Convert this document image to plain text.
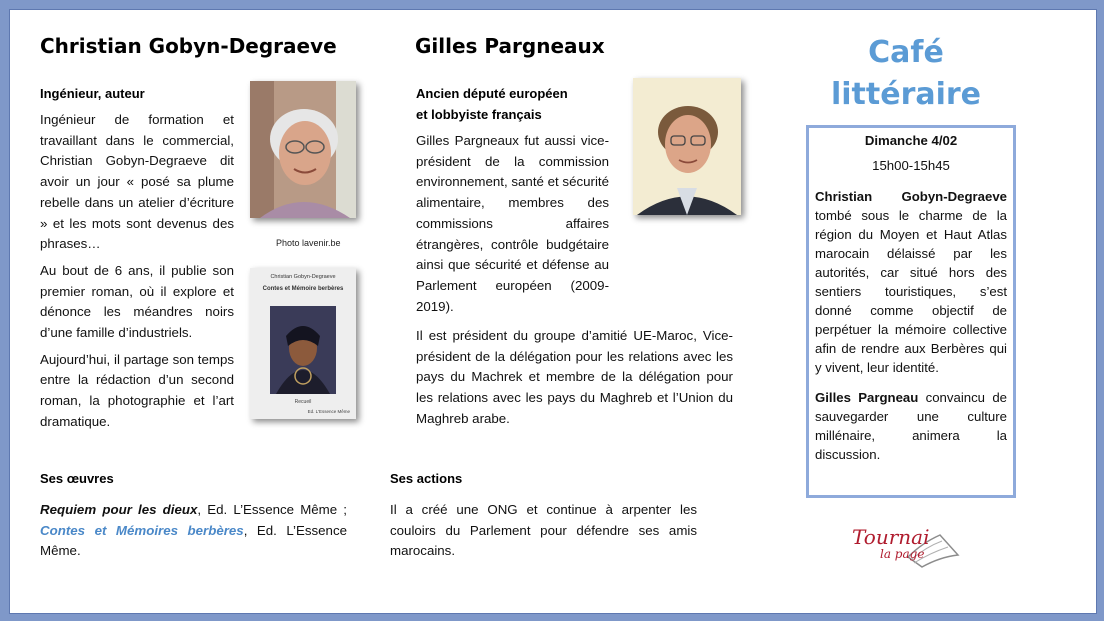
Christian Gobyn-Degraeve
Ingénieur, auteur

Ingénieur de formation et travaillant dans le commercial, Christian Gobyn-Degraeve dit avoir un jour « posé sa plume rebelle dans un atelier d’écriture » et les mots sont devenus des phrases…

Au bout de 6 ans, il publie son premier roman, où il explore et dénonce les méandres noirs d’une famille d’industriels.

Aujourd’hui, il partage son temps entre la rédaction d’un second roman, la photographie et l’art dramatique.

Photo lavenir.be
Christian Gobyn-Degraeve
Contes et Mémoire berbères
Recueil
Ed. L'Essence Même
Ses œuvres

Requiem pour les dieux, Ed. L’Essence Même ; Contes et Mémoires berbères, Ed. L’Essence Même.

Gilles Pargneaux
Ancien député européen
et lobbyiste français

Gilles Pargneaux fut aussi vice-président de la commission environnement, santé et sécurité alimentaire, membres des commissions affaires étrangères, contrôle budgétaire ainsi que sécurité et défense au Parlement européen (2009-2019).

Il est président du groupe d’amitié UE-Maroc, Vice-président de la délégation pour les relations avec les pays du Machrek et membre de la délégation pour les relations avec les pays du Maghreb et l’Union du Maghreb arabe.

Ses actions

Il a créé une ONG et continue à arpenter les couloirs du Parlement pour défendre ses amis marocains.

Café
littéraire

Dimanche 4/02

15h00-15h45

Christian Gobyn-Degraeve tombé sous le charme de la région du Moyen et Haut Atlas marocain délaissé par les autorités, car situé hors des sentiers touristiques, s’est donné comme objectif de perpétuer la mémoire collective afin de rendre aux Berbères qui y vivent, leur identité.

Gilles Pargneau convaincu de sauvegarder une culture millénaire, animera la discussion.

Tournai
la page
